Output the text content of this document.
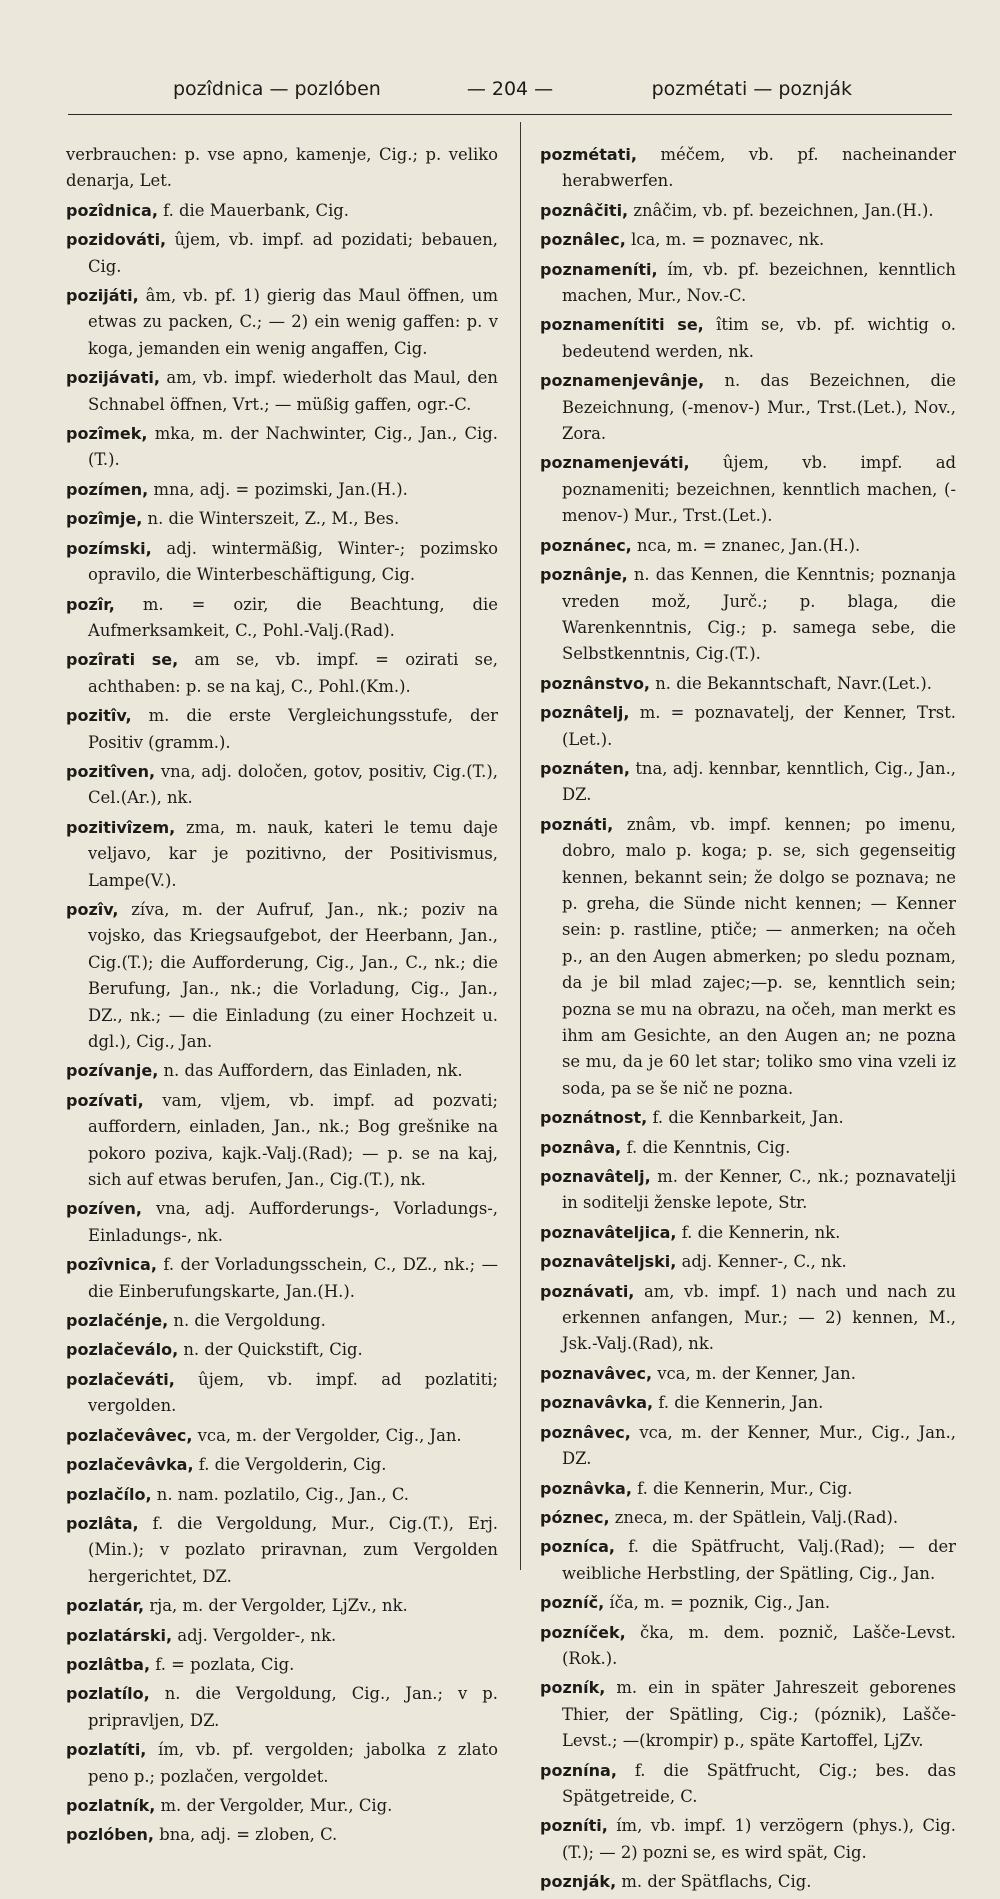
pozîdnica — pozlóben	— 204 —	pozmétati — poznják

verbrauchen: p. vse apno, kamenje, Cig.; p. veliko denarja, Let.

pozîdnica, f. die Mauerbank, Cig.

pozidováti, ûjem, vb. impf. ad pozidati; bebauen, Cig.

pozijáti, âm, vb. pf. 1) gierig das Maul öffnen, um etwas zu packen, C.; — 2) ein wenig gaffen: p. v koga, jemanden ein wenig angaffen, Cig.

pozijávati, am, vb. impf. wiederholt das Maul, den Schnabel öffnen, Vrt.; — müßig gaffen, ogr.-C.

pozîmek, mka, m. der Nachwinter, Cig., Jan., Cig.(T.).

pozímen, mna, adj. = pozimski, Jan.(H.).

pozîmje, n. die Winterszeit, Z., M., Bes.

pozímski, adj. wintermäßig, Winter-; pozimsko opravilo, die Winterbeschäftigung, Cig.

pozîr, m. = ozir, die Beachtung, die Aufmerksamkeit, C., Pohl.-Valj.(Rad).

pozîrati se, am se, vb. impf. = ozirati se, achthaben: p. se na kaj, C., Pohl.(Km.).

pozitîv, m. die erste Vergleichungsstufe, der Positiv (gramm.).

pozitîven, vna, adj. določen, gotov, positiv, Cig.(T.), Cel.(Ar.), nk.

pozitivîzem, zma, m. nauk, kateri le temu daje veljavo, kar je pozitivno, der Positivismus, Lampe(V.).

pozîv, zíva, m. der Aufruf, Jan., nk.; poziv na vojsko, das Kriegsaufgebot, der Heerbann, Jan., Cig.(T.); die Aufforderung, Cig., Jan., C., nk.; die Berufung, Jan., nk.; die Vorladung, Cig., Jan., DZ., nk.; — die Einladung (zu einer Hochzeit u. dgl.), Cig., Jan.

pozívanje, n. das Auffordern, das Einladen, nk.

pozívati, vam, vljem, vb. impf. ad pozvati; auffordern, einladen, Jan., nk.; Bog grešnike na pokoro poziva, kajk.-Valj.(Rad); — p. se na kaj, sich auf etwas berufen, Jan., Cig.(T.), nk.

pozíven, vna, adj. Aufforderungs-, Vorladungs-, Einladungs-, nk.

pozîvnica, f. der Vorladungsschein, C., DZ., nk.; — die Einberufungskarte, Jan.(H.).

pozlačénje, n. die Vergoldung.

pozlačeválo, n. der Quickstift, Cig.

pozlačeváti, ûjem, vb. impf. ad pozlatiti; vergolden.

pozlačevâvec, vca, m. der Vergolder, Cig., Jan.

pozlačevâvka, f. die Vergolderin, Cig.

pozlačílo, n. nam. pozlatilo, Cig., Jan., C.

pozlâta, f. die Vergoldung, Mur., Cig.(T.), Erj.(Min.); v pozlato priravnan, zum Vergolden hergerichtet, DZ.

pozlatár, rja, m. der Vergolder, LjZv., nk.

pozlatárski, adj. Vergolder-, nk.

pozlâtba, f. = pozlata, Cig.

pozlatílo, n. die Vergoldung, Cig., Jan.; v p. pripravljen, DZ.

pozlatíti, ím, vb. pf. vergolden; jabolka z zlato peno p.; pozlačen, vergoldet.

pozlatník, m. der Vergolder, Mur., Cig.

pozlóben, bna, adj. = zloben, C.

pozmétati, méčem, vb. pf. nacheinander herabwerfen.

poznâčiti, znâčim, vb. pf. bezeichnen, Jan.(H.).

poznâlec, lca, m. = poznavec, nk.

poznameníti, ím, vb. pf. bezeichnen, kenntlich machen, Mur., Nov.-C.

poznamenítiti se, îtim se, vb. pf. wichtig o. bedeutend werden, nk.

poznamenjevânje, n. das Bezeichnen, die Bezeichnung, (-menov-) Mur., Trst.(Let.), Nov., Zora.

poznamenjeváti, ûjem, vb. impf. ad poznameniti; bezeichnen, kenntlich machen, (-menov-) Mur., Trst.(Let.).

poznánec, nca, m. = znanec, Jan.(H.).

poznânje, n. das Kennen, die Kenntnis; poznanja vreden mož, Jurč.; p. blaga, die Warenkenntnis, Cig.; p. samega sebe, die Selbstkenntnis, Cig.(T.).

poznânstvo, n. die Bekanntschaft, Navr.(Let.).

poznâtelj, m. = poznavatelj, der Kenner, Trst.(Let.).

poznáten, tna, adj. kennbar, kenntlich, Cig., Jan., DZ.

poznáti, znâm, vb. impf. kennen; po imenu, dobro, malo p. koga; p. se, sich gegenseitig kennen, bekannt sein; že dolgo se poznava; ne p. greha, die Sünde nicht kennen; — Kenner sein: p. rastline, ptiče; — anmerken; na očeh p., an den Augen abmerken; po sledu poznam, da je bil mlad zajec;—p. se, kenntlich sein; pozna se mu na obrazu, na očeh, man merkt es ihm am Gesichte, an den Augen an; ne pozna se mu, da je 60 let star; toliko smo vina vzeli iz soda, pa se še nič ne pozna.

poznátnost, f. die Kennbarkeit, Jan.

poznâva, f. die Kenntnis, Cig.

poznavâtelj, m. der Kenner, C., nk.; poznavatelji in soditelji ženske lepote, Str.

poznavâteljica, f. die Kennerin, nk.

poznavâteljski, adj. Kenner-, C., nk.

poznávati, am, vb. impf. 1) nach und nach zu erkennen anfangen, Mur.; — 2) kennen, M., Jsk.-Valj.(Rad), nk.

poznavâvec, vca, m. der Kenner, Jan.

poznavâvka, f. die Kennerin, Jan.

poznâvec, vca, m. der Kenner, Mur., Cig., Jan., DZ.

poznâvka, f. die Kennerin, Mur., Cig.

póznec, znеca, m. der Spätlein, Valj.(Rad).

pozníca, f. die Spätfrucht, Valj.(Rad); — der weibliche Herbstling, der Spätling, Cig., Jan.

pozníč, íča, m. = poznik, Cig., Jan.

pozníček, čka, m. dem. poznič, Lašče-Levst.(Rok.).

pozník, m. ein in später Jahreszeit geborenes Thier, der Spätling, Cig.; (póznik), Lašče-Levst.; —(krompir) p., späte Kartoffel, LjZv.

poznína, f. die Spätfrucht, Cig.; bes. das Spätgetreide, C.

pozníti, ím, vb. impf. 1) verzögern (phys.), Cig.(T.); — 2) pozni se, es wird spät, Cig.

poznják, m. der Spätflachs, Cig.
